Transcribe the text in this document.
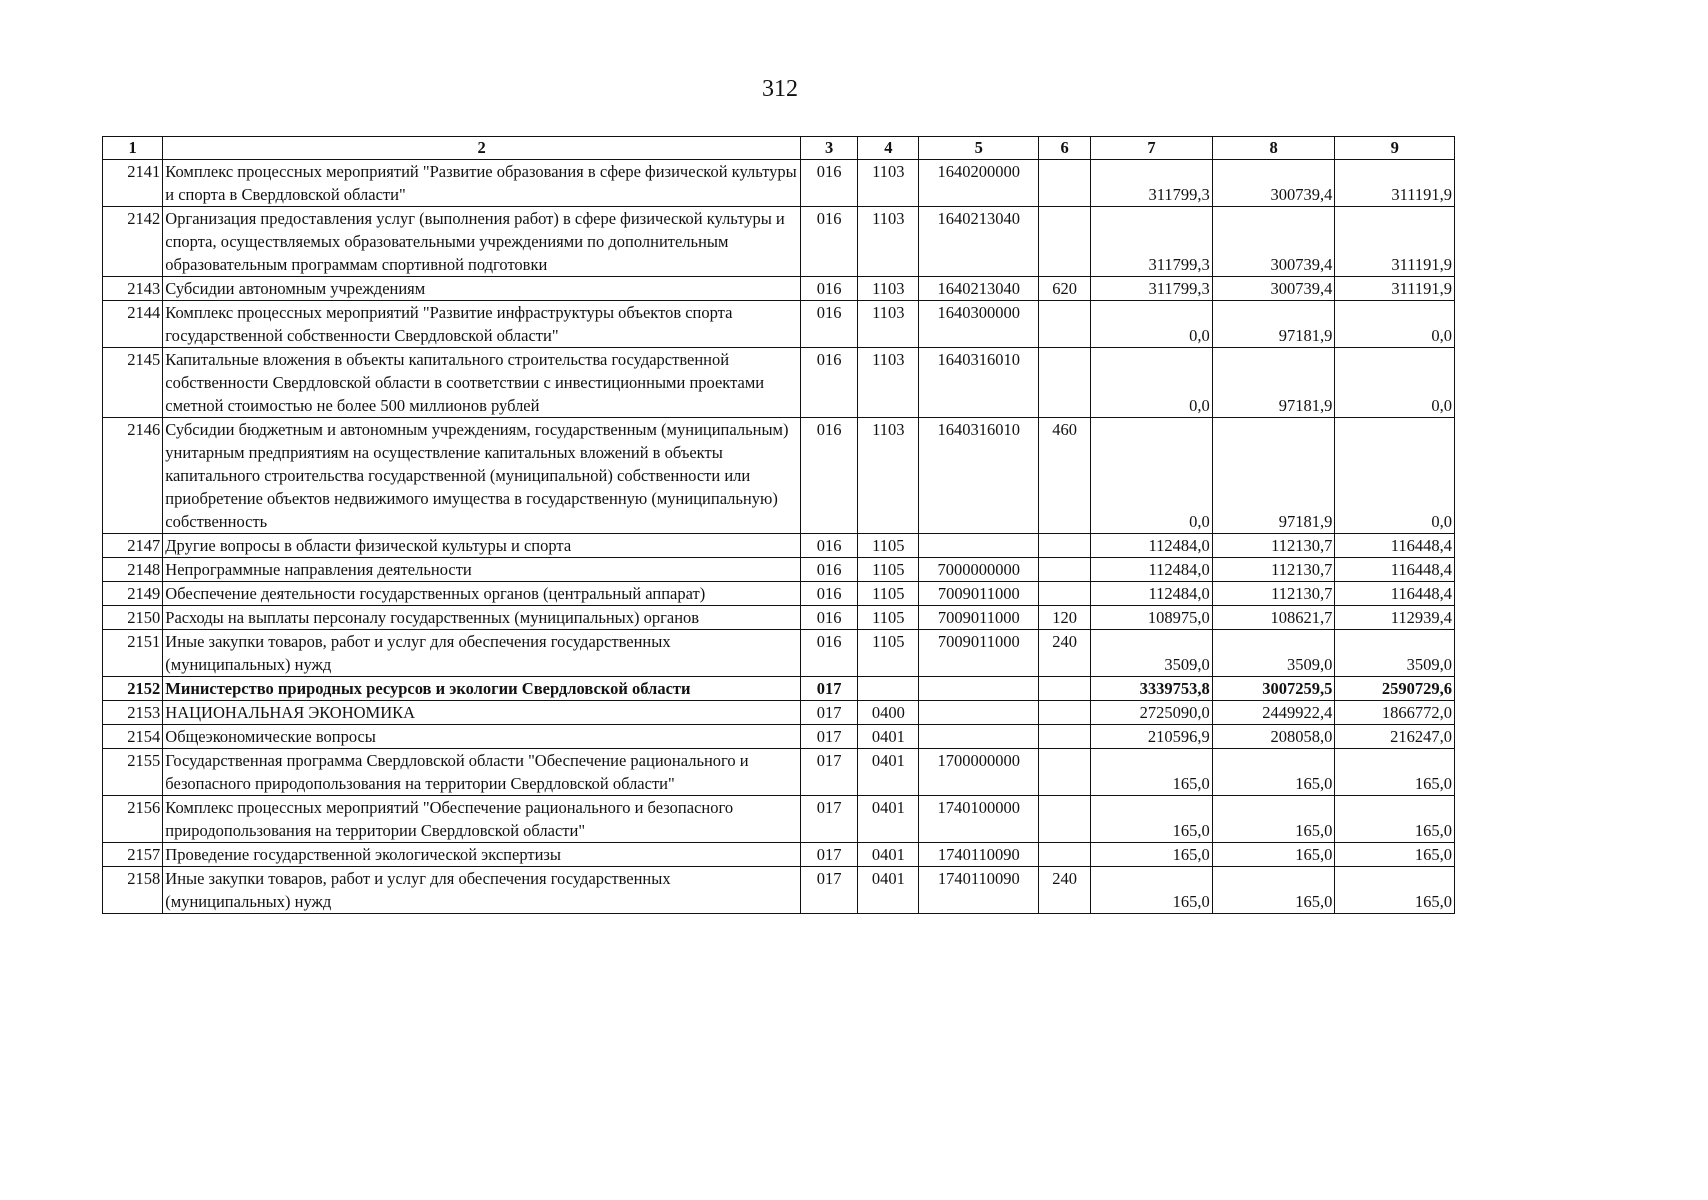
312
1	2	3	4	5	6	7	8	9
2141	Комплекс процессных мероприятий "Развитие образования в сфере физической культуры и спорта в Свердловской области"	016	1103	1640200000		311799,3	300739,4	311191,9
2142	Организация предоставления услуг (выполнения работ) в сфере физической культуры и спорта, осуществляемых образовательными учреждениями по дополнительным образовательным программам спортивной подготовки	016	1103	1640213040		311799,3	300739,4	311191,9
2143	Субсидии автономным учреждениям	016	1103	1640213040	620	311799,3	300739,4	311191,9
2144	Комплекс процессных мероприятий "Развитие инфраструктуры объектов спорта государственной собственности Свердловской области"	016	1103	1640300000		0,0	97181,9	0,0
2145	Капитальные вложения в объекты капитального строительства государственной собственности Свердловской области в соответствии с инвестиционными проектами сметной стоимостью не более 500 миллионов рублей	016	1103	1640316010		0,0	97181,9	0,0
2146	Субсидии бюджетным и автономным учреждениям, государственным (муниципальным) унитарным предприятиям на осуществление капитальных вложений в объекты капитального строительства государственной (муниципальной) собственности или приобретение объектов недвижимого имущества в государственную (муниципальную) собственность	016	1103	1640316010	460	0,0	97181,9	0,0
2147	Другие вопросы в области физической культуры и спорта	016	1105			112484,0	112130,7	116448,4
2148	Непрограммные направления деятельности	016	1105	7000000000		112484,0	112130,7	116448,4
2149	Обеспечение деятельности государственных органов (центральный аппарат)	016	1105	7009011000		112484,0	112130,7	116448,4
2150	Расходы на выплаты персоналу государственных (муниципальных) органов	016	1105	7009011000	120	108975,0	108621,7	112939,4
2151	Иные закупки товаров, работ и услуг для обеспечения государственных (муниципальных) нужд	016	1105	7009011000	240	3509,0	3509,0	3509,0
2152	Министерство природных ресурсов и экологии Свердловской области	017				3339753,8	3007259,5	2590729,6
2153	НАЦИОНАЛЬНАЯ ЭКОНОМИКА	017	0400			2725090,0	2449922,4	1866772,0
2154	Общеэкономические вопросы	017	0401			210596,9	208058,0	216247,0
2155	Государственная программа Свердловской области "Обеспечение рационального и безопасного природопользования на территории Свердловской области"	017	0401	1700000000		165,0	165,0	165,0
2156	Комплекс процессных мероприятий "Обеспечение рационального и безопасного природопользования на территории Свердловской области"	017	0401	1740100000		165,0	165,0	165,0
2157	Проведение государственной экологической экспертизы	017	0401	1740110090		165,0	165,0	165,0
2158	Иные закупки товаров, работ и услуг для обеспечения государственных (муниципальных) нужд	017	0401	1740110090	240	165,0	165,0	165,0
